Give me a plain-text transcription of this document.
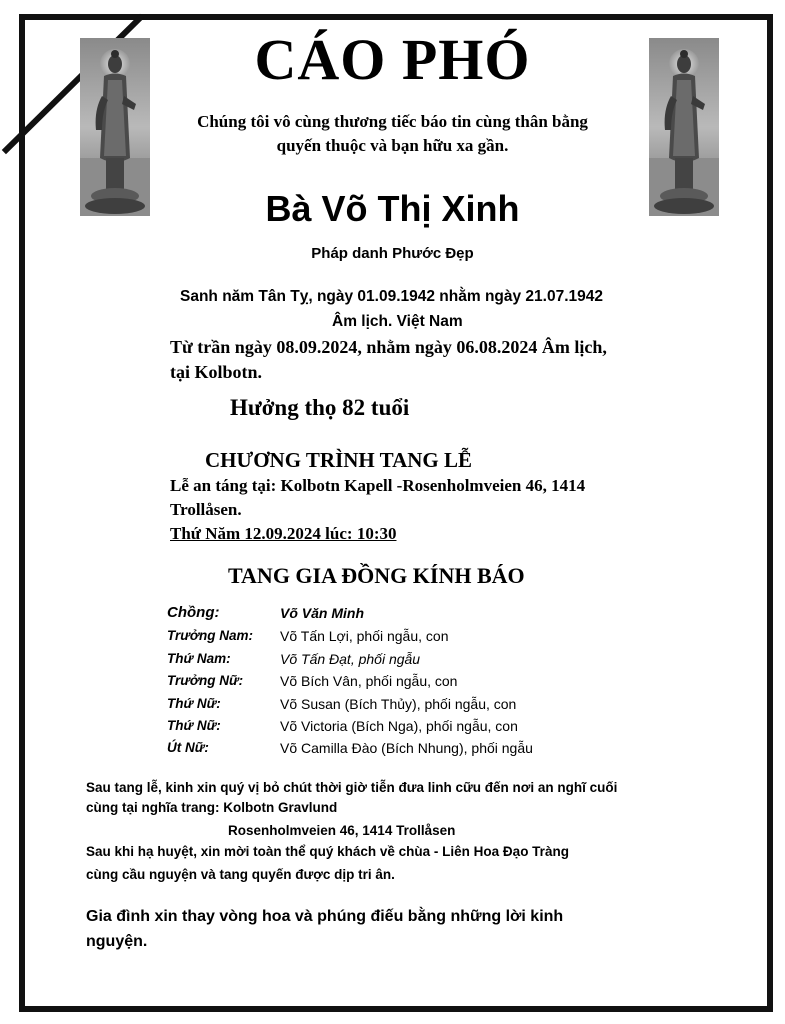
CÁO PHÓ
Chúng tôi vô cùng thương tiếc báo tin cùng thân bằng
quyến thuộc và bạn hữu xa gần.
Bà Võ Thị Xinh
Pháp danh Phước Đẹp
Sanh năm Tân Tỵ, ngày 01.09.1942 nhằm ngày 21.07.1942
Âm lịch. Việt Nam
Từ trần ngày 08.09.2024, nhằm ngày 06.08.2024 Âm lịch,
tại Kolbotn.
Hưởng thọ 82 tuổi
CHƯƠNG TRÌNH TANG LỄ
Lễ an táng tại: Kolbotn Kapell -Rosenholmveien 46, 1414
Trollåsen.
Thứ Năm 12.09.2024 lúc: 10:30
TANG GIA ĐỒNG KÍNH BÁO
Chồng:	Võ Văn Minh
Trưởng Nam: Võ Tấn Lợi, phối ngẫu, con
Thứ Nam:	Võ Tấn Đạt, phối ngẫu
Trưởng Nữ:	Võ Bích Vân, phối ngẫu, con
Thứ Nữ:	Võ Susan (Bích Thủy), phối ngẫu, con
Thứ Nữ:	Võ Victoria (Bích Nga), phối ngẫu, con
Út Nữ:	Võ Camilla Đào (Bích Nhung), phối ngẫu
Sau tang lễ, kinh xin quý vị bỏ chút thời giờ tiễn đưa linh cữu đến nơi an nghĩ cuối
cùng tại nghĩa trang: Kolbotn Gravlund
Rosenholmveien 46, 1414 Trollåsen
Sau khi hạ huyệt, xin mời toàn thể quý khách về chùa - Liên Hoa Đạo Tràng
cùng cầu nguyện và tang quyến được dịp tri ân.
Gia đình xin thay vòng hoa và phúng điếu bằng những lời kinh
nguyện.
